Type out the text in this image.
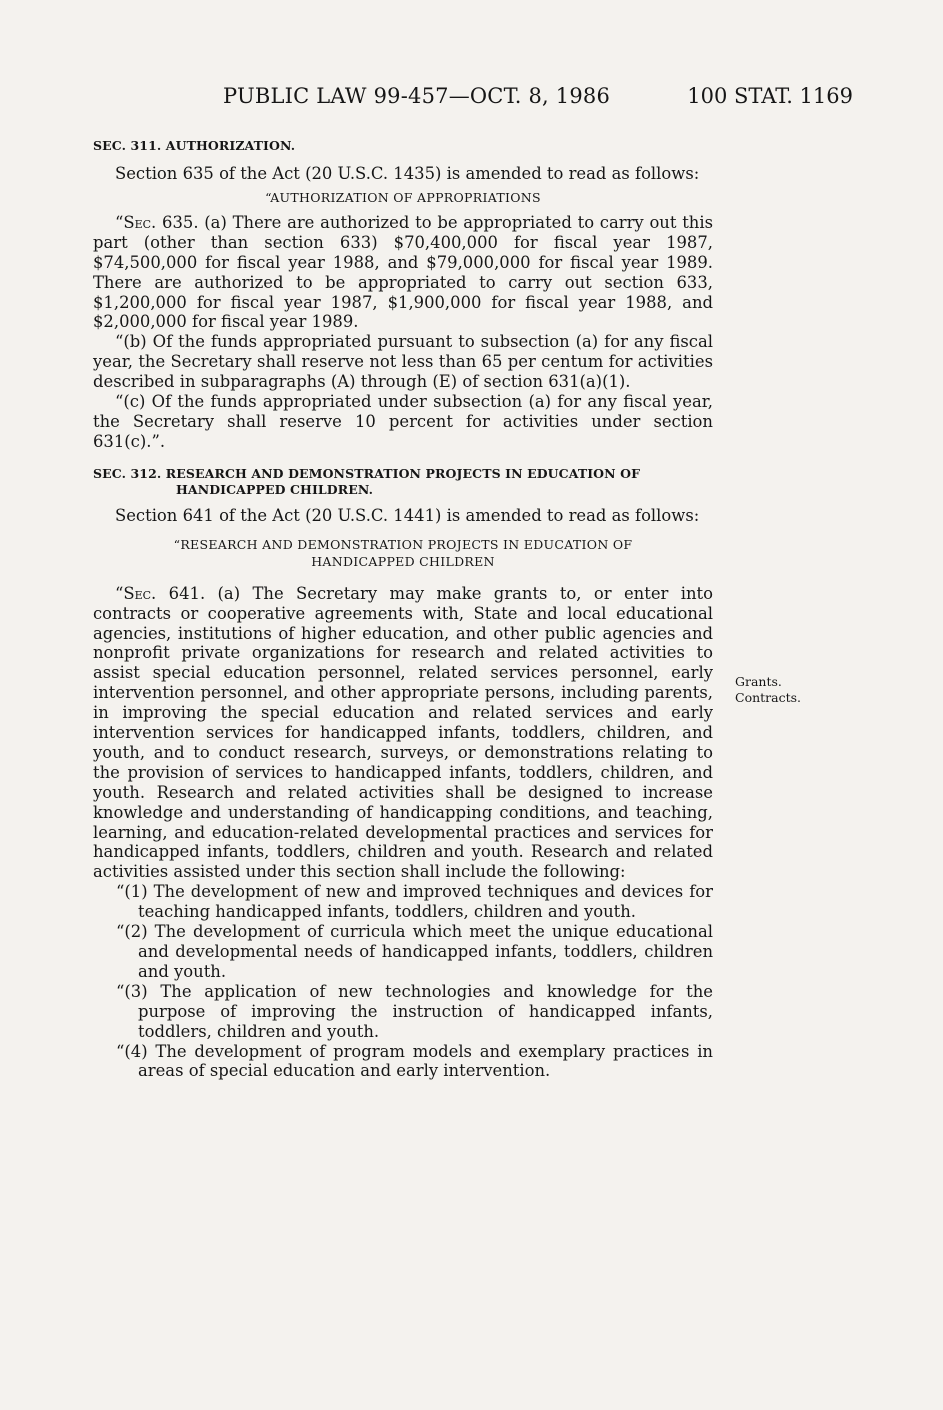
PUBLIC LAW 99-457—OCT. 8, 1986	100 STAT. 1169
SEC. 311. AUTHORIZATION.

Section 635 of the Act (20 U.S.C. 1435) is amended to read as follows:

“AUTHORIZATION OF APPROPRIATIONS

“Sec. 635. (a) There are authorized to be appropriated to carry out this part (other than section 633) $70,400,000 for fiscal year 1987, $74,500,000 for fiscal year 1988, and $79,000,000 for fiscal year 1989. There are authorized to be appropriated to carry out section 633, $1,200,000 for fiscal year 1987, $1,900,000 for fiscal year 1988, and $2,000,000 for fiscal year 1989.

“(b) Of the funds appropriated pursuant to subsection (a) for any fiscal year, the Secretary shall reserve not less than 65 per centum for activities described in subparagraphs (A) through (E) of section 631(a)(1).

“(c) Of the funds appropriated under subsection (a) for any fiscal year, the Secretary shall reserve 10 percent for activities under section 631(c).”.

SEC. 312. RESEARCH AND DEMONSTRATION PROJECTS IN EDUCATION OF
HANDICAPPED CHILDREN.

Section 641 of the Act (20 U.S.C. 1441) is amended to read as follows:

“RESEARCH AND DEMONSTRATION PROJECTS IN EDUCATION OF
HANDICAPPED CHILDREN

“Sec. 641. (a) The Secretary may make grants to, or enter into contracts or cooperative agreements with, State and local educational agencies, institutions of higher education, and other public agencies and nonprofit private organizations for research and related activities to assist special education personnel, related services personnel, early intervention personnel, and other appropriate persons, including parents, in improving the special education and related services and early intervention services for handicapped infants, toddlers, children, and youth, and to conduct research, surveys, or demonstrations relating to the provision of services to handicapped infants, toddlers, children, and youth. Research and related activities shall be designed to increase knowledge and understanding of handicapping conditions, and teaching, learning, and education-related developmental practices and services for handicapped infants, toddlers, children and youth. Research and related activities assisted under this section shall include the following:

“(1) The development of new and improved techniques and devices for teaching handicapped infants, toddlers, children and youth.

“(2) The development of curricula which meet the unique educational and developmental needs of handicapped infants, toddlers, children and youth.

“(3) The application of new technologies and knowledge for the purpose of improving the instruction of handicapped infants, toddlers, children and youth.

“(4) The development of program models and exemplary practices in areas of special education and early intervention.

Grants.
Contracts.
